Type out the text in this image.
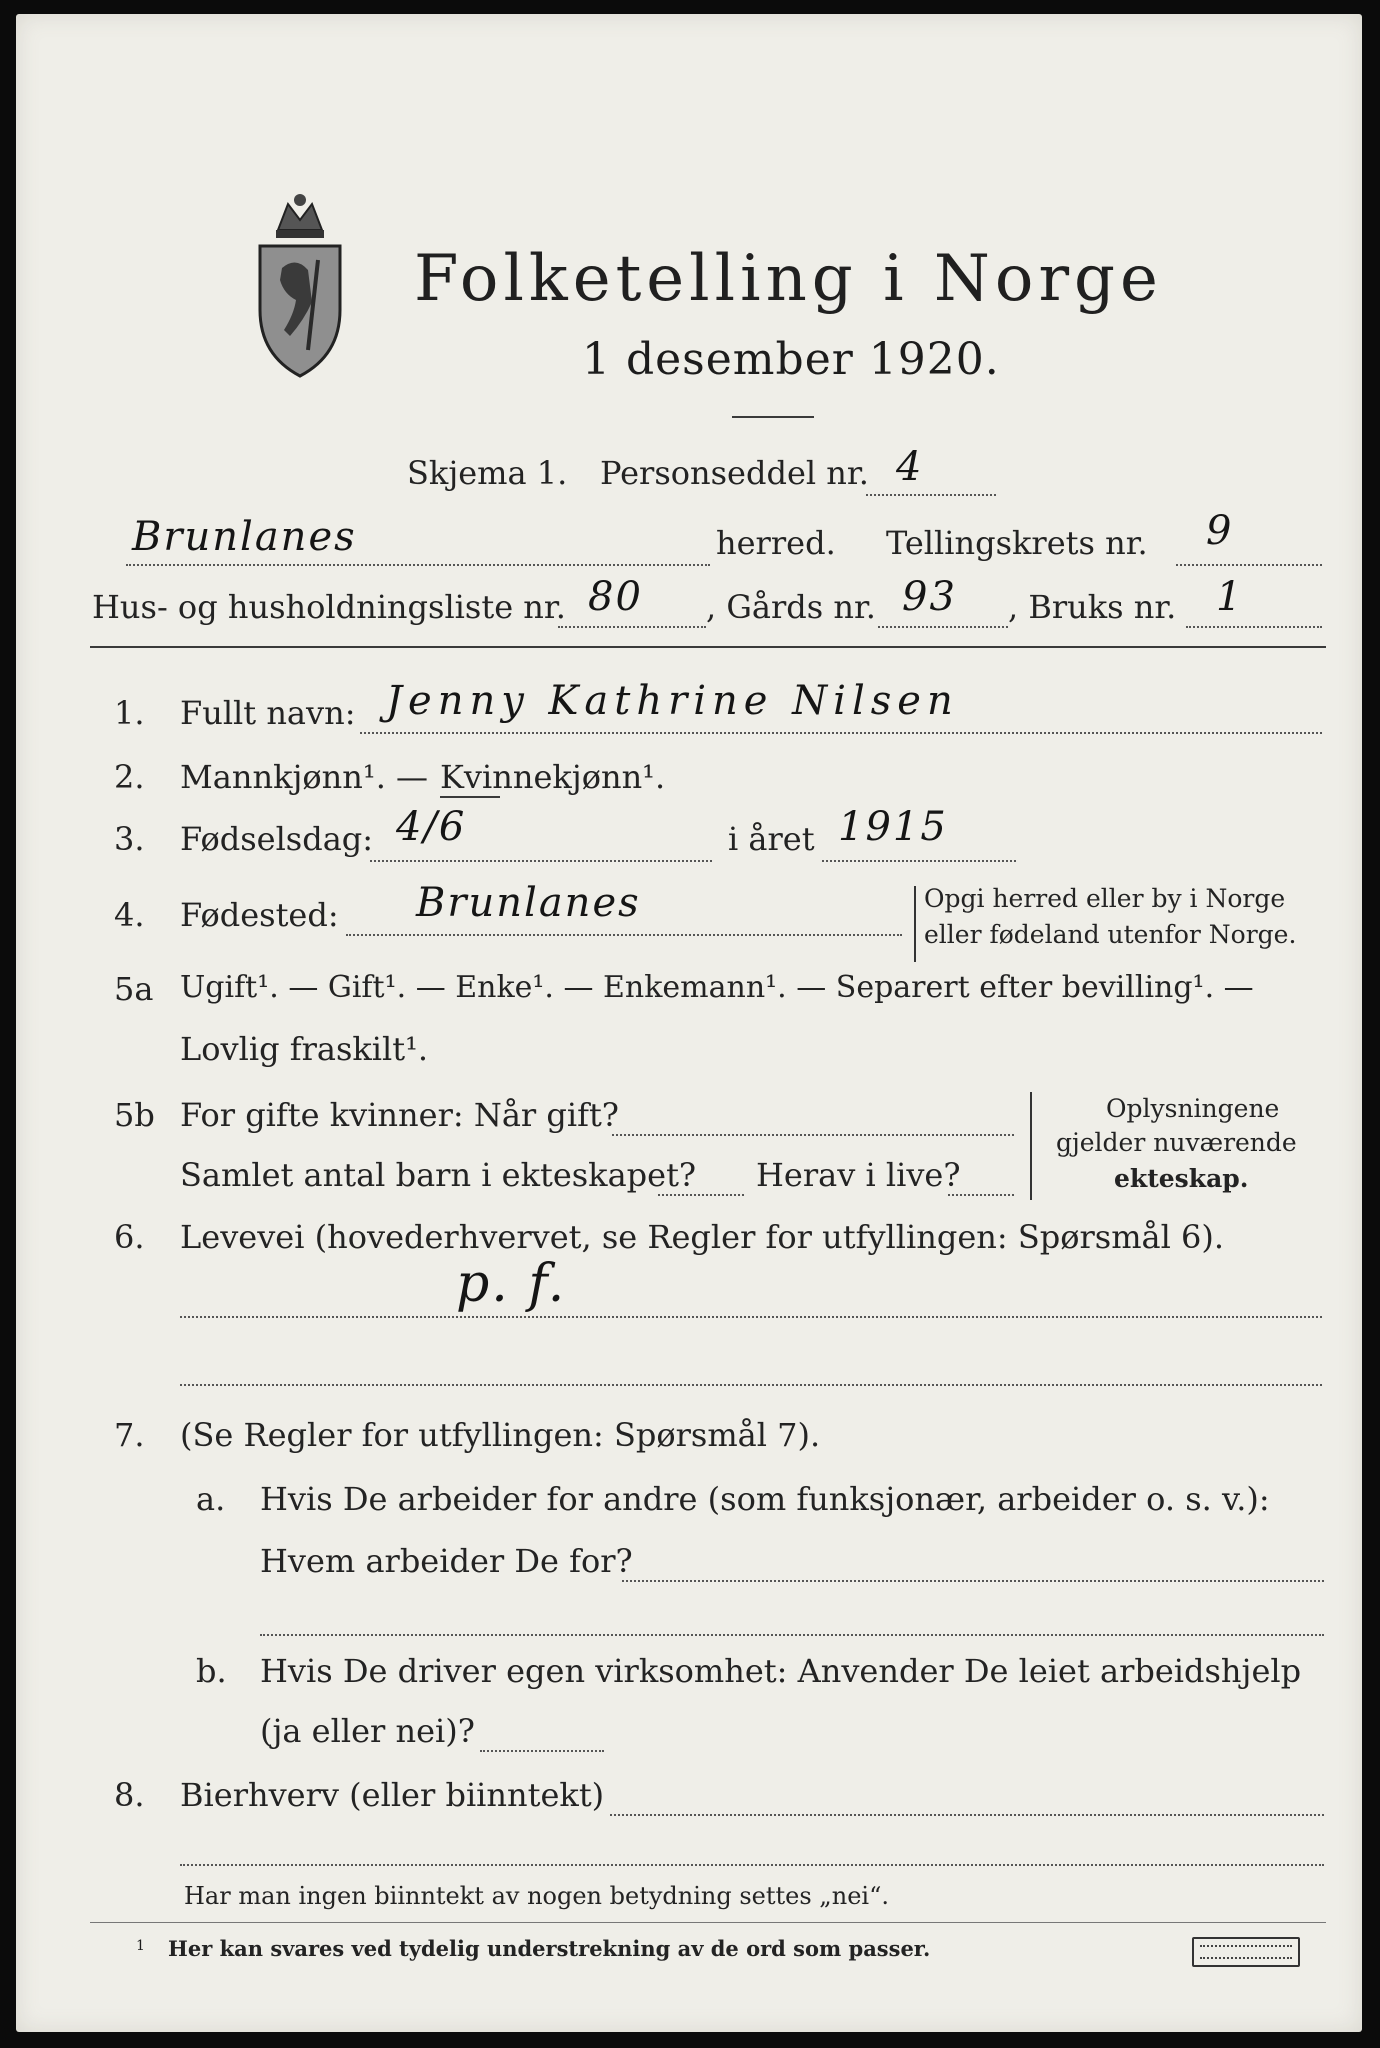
Folketelling i Norge
1 desember 1920.
Skjema 1. Personseddel nr. 4
Brunlanes	herred. Tellingskrets nr. 9
Hus- og husholdningsliste nr. 80 , Gårds nr. 93 , Bruks nr. 1
1. Fullt navn: Jenny Kathrine Nilsen
2. Mannkjønn¹. — Kvinnekjønn¹.
3. Fødselsdag: 4/6	i året 1915
4. Fødested: Brunlanes	Opgi herred eller by i Norge
eller fødeland utenfor Norge.
5a Ugift¹. — Gift¹. — Enke¹. — Enkemann¹. — Separert efter bevilling¹. —
Lovlig fraskilt¹.
5b For gifte kvinner: Når gift?
Samlet antal barn i ekteskapet? Herav i live?
Oplysningene
gjelder nuværende
ekteskap.
6. Levevei (hovederhvervet, se Regler for utfyllingen: Spørsmål 6).
p. f.
7. (Se Regler for utfyllingen: Spørsmål 7).
a. Hvis De arbeider for andre (som funksjonær, arbeider o. s. v.):
Hvem arbeider De for?
b. Hvis De driver egen virksomhet: Anvender De leiet arbeidshjelp
(ja eller nei)?
8. Bierhverv (eller biinntekt)
Har man ingen biinntekt av nogen betydning settes „nei“.
1 Her kan svares ved tydelig understrekning av de ord som passer.
